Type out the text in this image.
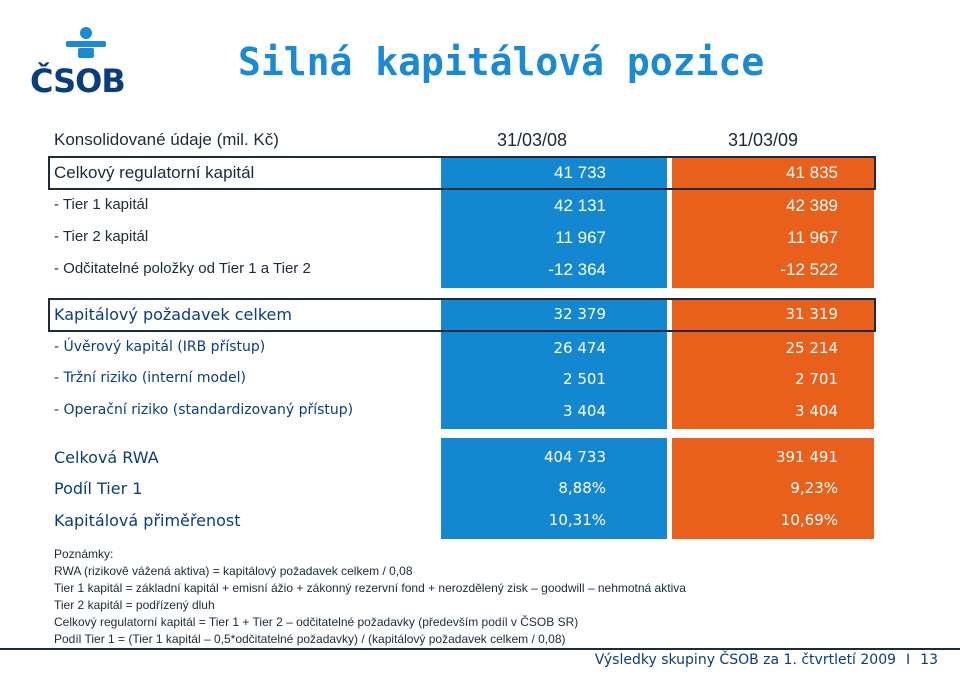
ČSOB	Silná kapitálová pozice
Konsolidované údaje (mil. Kč)	31/03/08	31/03/09
Celkový regulatorní kapitál	41 733	41 835
- Tier 1 kapitál	42 131	42 389
- Tier 2 kapitál	11 967	11 967
- Odčitatelné položky od Tier 1 a Tier 2	-12 364	-12 522
Kapitálový požadavek celkem	32 379	31 319
- Úvěrový kapitál (IRB přístup)	26 474	25 214
- Tržní riziko (interní model)	2 501	2 701
- Operační riziko (standardizovaný přístup)	3 404	3 404
Celková RWA	404 733	391 491
Podíl Tier 1	8,88%	9,23%
Kapitálová přiměřenost	10,31%	10,69%
Poznámky:
RWA (rizikově vážená aktiva) = kapitálový požadavek celkem / 0,08
Tier 1 kapitál = základní kapitál + emisní ážio + zákonný rezervní fond + nerozdělený zisk – goodwill – nehmotná aktiva
Tier 2 kapitál = podřízený dluh
Celkový regulatorní kapitál = Tier 1 + Tier 2 – odčitatelné požadavky (především podíl v ČSOB SR)
Podíl Tier 1 = (Tier 1 kapitál – 0,5*odčitatelné požadavky) / (kapitálový požadavek celkem / 0,08)
Výsledky skupiny ČSOB za 1. čtvrtletí 2009 I 13
